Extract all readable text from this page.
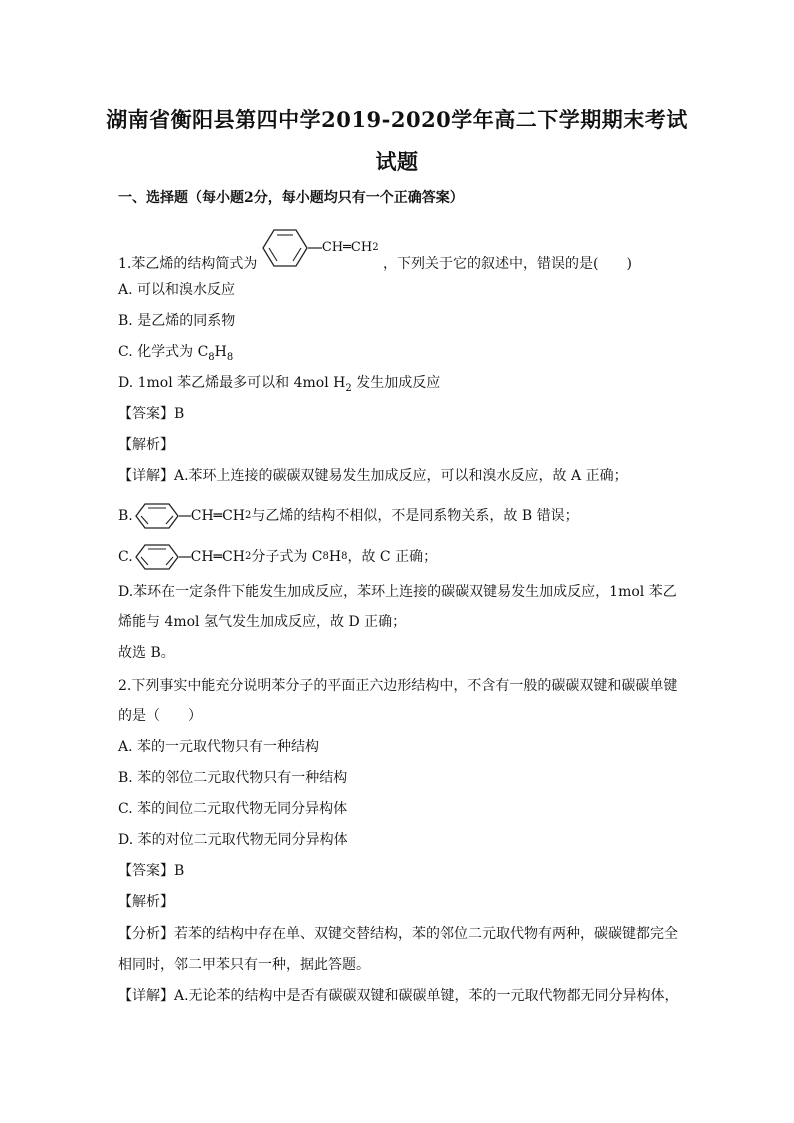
湖南省衡阳县第四中学2019-2020学年高二下学期期末考试
试题
一、选择题（每小题2分，每小题均只有一个正确答案）
1.苯乙烯的结构简式为
CH═CH 2
，下列关于它的叙述中，错误的是(　　)
A. 可以和溴水反应
B. 是乙烯的同系物
C. 化学式为 $C_8H_8$
D. 1mol 苯乙烯最多可以和 4mol $H_2$ 发生加成反应
【答案】B
【解析】
【详解】A.苯环上连接的碳碳双键易发生加成反应，可以和溴水反应，故 A 正确；
B.	CH═CH 2 与乙烯的结构不相似，不是同系物关系，故 B 错误；
C.	CH═CH 2 分子式为 C 8 H 8 ，故 C 正确；
D.苯环在一定条件下能发生加成反应，苯环上连接的碳碳双键易发生加成反应，1mol 苯乙
烯能与 4mol 氢气发生加成反应，故 D 正确；
故选 B。
2.下列事实中能充分说明苯分子的平面正六边形结构中，不含有一般的碳碳双键和碳碳单键
的是（　　）
A. 苯的一元取代物只有一种结构
B. 苯的邻位二元取代物只有一种结构
C. 苯的间位二元取代物无同分异构体
D. 苯的对位二元取代物无同分异构体
【答案】B
【解析】
【分析】若苯的结构中存在单、双键交替结构，苯的邻位二元取代物有两种，碳碳键都完全
相同时，邻二甲苯只有一种，据此答题。
【详解】A.无论苯的结构中是否有碳碳双键和碳碳单键，苯的一元取代物都无同分异构体，
